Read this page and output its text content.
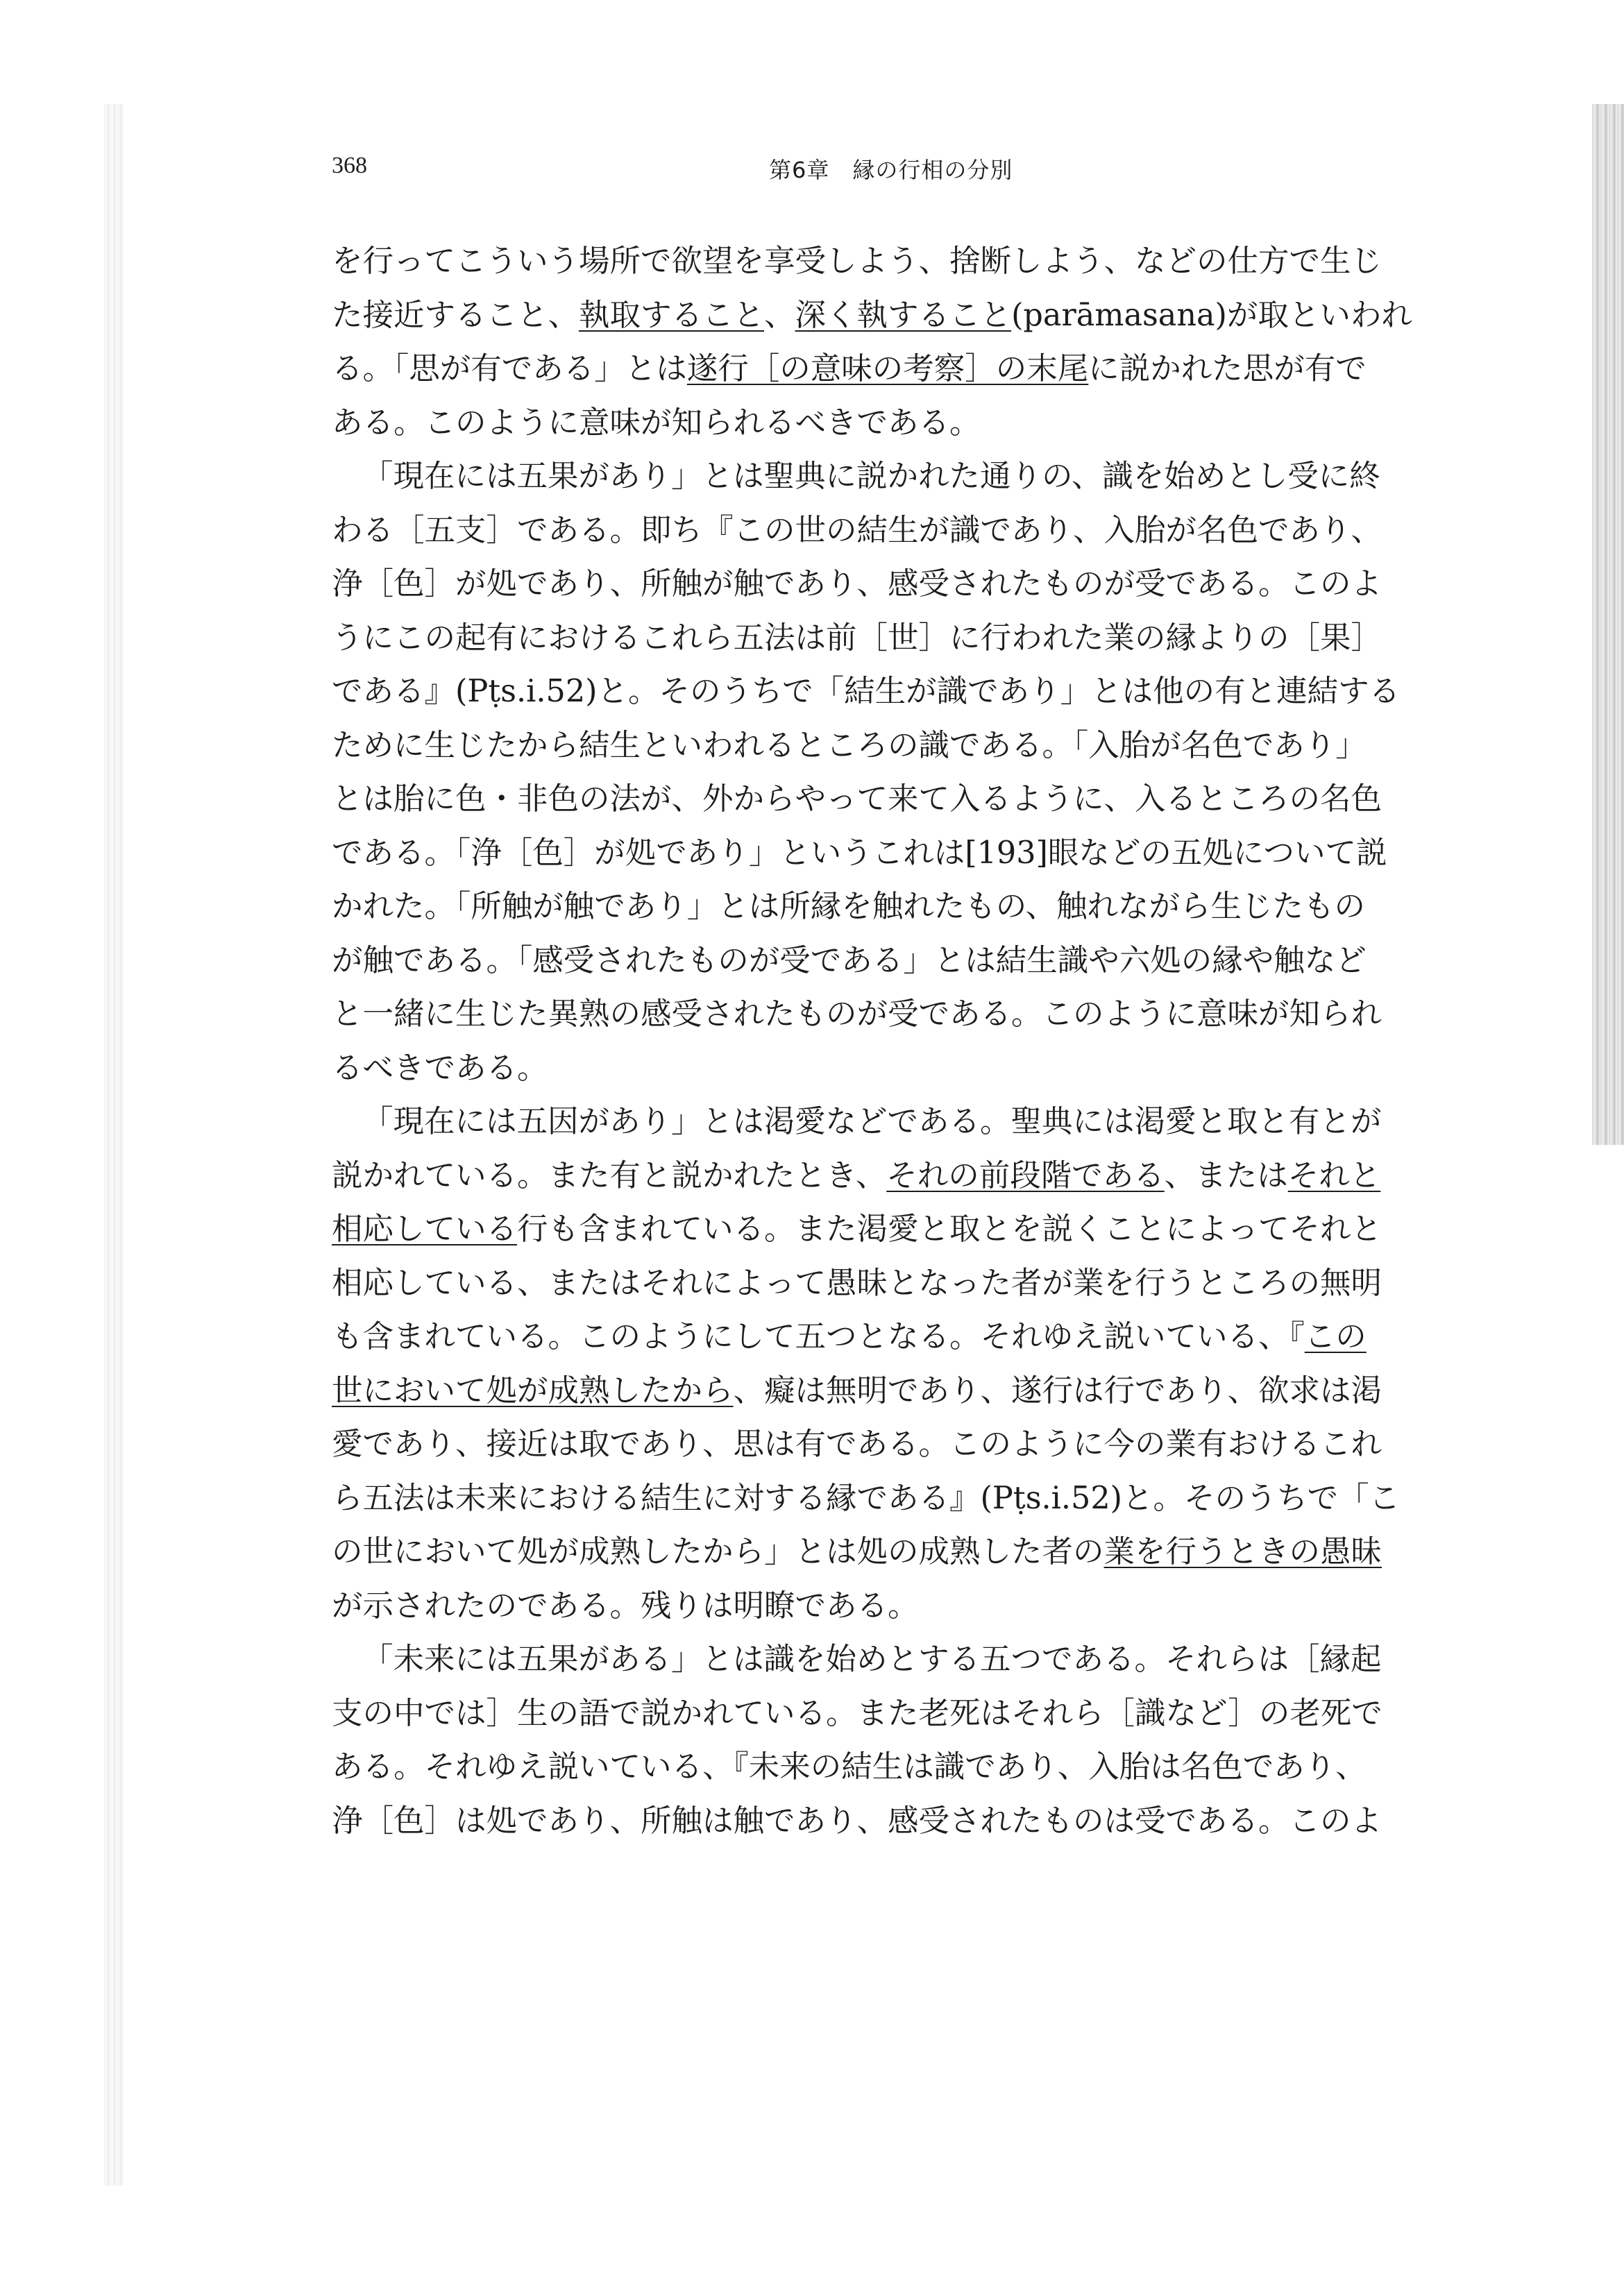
368	第6章　縁の行相の分別
を行ってこういう場所で欲望を享受しよう、捨断しよう、などの仕方で生じ
た接近すること、執取すること、深く執すること(parāmasana)が取といわれ
る。「思が有である」とは遂行［の意味の考察］の末尾に説かれた思が有で
ある。このように意味が知られるべきである。
「現在には五果があり」とは聖典に説かれた通りの、識を始めとし受に終
わる［五支］である。即ち『この世の結生が識であり、入胎が名色であり、
浄［色］が処であり、所触が触であり、感受されたものが受である。このよ
うにこの起有におけるこれら五法は前［世］に行われた業の縁よりの［果］
である』(Pṭs.i.52)と。そのうちで「結生が識であり」とは他の有と連結する
ために生じたから結生といわれるところの識である。「入胎が名色であり」
とは胎に色・非色の法が、外からやって来て入るように、入るところの名色
である。「浄［色］が処であり」というこれは[193]眼などの五処について説
かれた。「所触が触であり」とは所縁を触れたもの、触れながら生じたもの
が触である。「感受されたものが受である」とは結生識や六処の縁や触など
と一緒に生じた異熟の感受されたものが受である。このように意味が知られ
るべきである。
「現在には五因があり」とは渇愛などである。聖典には渇愛と取と有とが
説かれている。また有と説かれたとき、それの前段階である、またはそれと
相応している行も含まれている。また渇愛と取とを説くことによってそれと
相応している、またはそれによって愚昧となった者が業を行うところの無明
も含まれている。このようにして五つとなる。それゆえ説いている、『この
世において処が成熟したから、癡は無明であり、遂行は行であり、欲求は渇
愛であり、接近は取であり、思は有である。このように今の業有おけるこれ
ら五法は未来における結生に対する縁である』(Pṭs.i.52)と。そのうちで「こ
の世において処が成熟したから」とは処の成熟した者の業を行うときの愚昧
が示されたのである。残りは明瞭である。
「未来には五果がある」とは識を始めとする五つである。それらは［縁起
支の中では］生の語で説かれている。また老死はそれら［識など］の老死で
ある。それゆえ説いている、『未来の結生は識であり、入胎は名色であり、
浄［色］は処であり、所触は触であり、感受されたものは受である。このよ
